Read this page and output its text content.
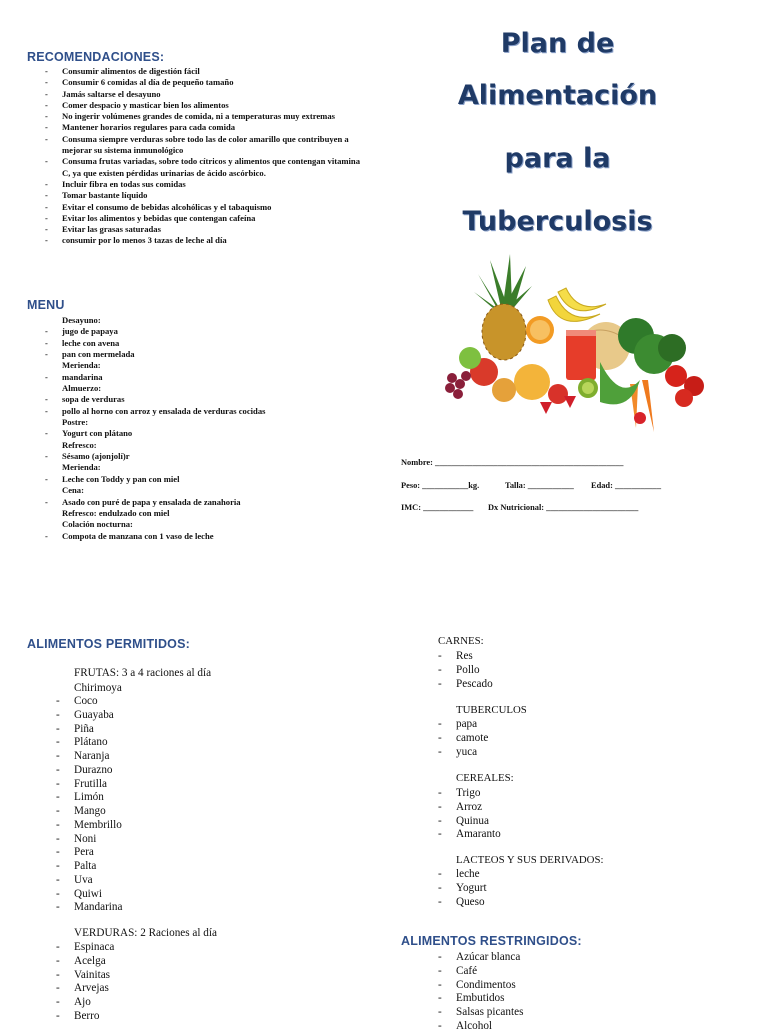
RECOMENDACIONES:
- Consumir alimentos de digestión fácil
- Consumir 6 comidas al día de pequeño tamaño
- Jamás saltarse el desayuno
- Comer despacio y masticar bien los alimentos
- No ingerir volúmenes grandes de comida, ni a temperaturas muy extremas
- Mantener horarios regulares para cada comida
- Consuma siempre verduras sobre todo las de color amarillo que contribuyen a mejorar su sistema inmunológico
- Consuma frutas variadas, sobre todo cítricos y alimentos que contengan vitamina C, ya que existen pérdidas urinarias de ácido ascórbico.
- Incluir fibra en todas sus comidas
- Tomar bastante líquido
- Evitar el consumo de bebidas alcohólicas y el tabaquismo
- Evitar los alimentos y bebidas que contengan cafeína
- Evitar las grasas saturadas
- consumir por lo menos 3 tazas de leche al día
MENU
Desayuno:
- jugo de papaya
- leche con avena
- pan con mermelada
Merienda:
- mandarina
Almuerzo:
- sopa de verduras
- pollo al horno con arroz y ensalada de verduras cocidas
Postre:
- Yogurt con plátano
Refresco:
- Sésamo (ajonjolí)r
Merienda:
- Leche con Toddy y pan con miel
Cena:
- Asado con puré de papa y ensalada de zanahoria
Refresco: endulzado con miel
Colación nocturna:
- Compota de manzana con 1 vaso de leche
Plan de
Alimentación
para la
Tuberculosis
Nombre: _____________________________________________
Peso: ___________kg.	Talla: ___________ Edad: ___________
IMC: ____________ Dx Nutricional: ______________________
ALIMENTOS PERMITIDOS:
FRUTAS: 3 a 4 raciones al día
Chirimoya
- Coco
- Guayaba
- Piña
- Plátano
- Naranja
- Durazno
- Frutilla
- Limón
- Mango
- Membrillo
- Noni
- Pera
- Palta
- Uva
- Quiwi
- Mandarina
VERDURAS: 2 Raciones al día
- Espinaca
- Acelga
- Vainitas
- Arvejas
- Ajo
- Berro
CARNES:
- Res
- Pollo
- Pescado
TUBERCULOS
- papa
- camote
- yuca
CEREALES:
- Trigo
- Arroz
- Quinua
- Amaranto
LACTEOS Y SUS DERIVADOS:
- leche
- Yogurt
- Queso
ALIMENTOS RESTRINGIDOS:
- Azúcar blanca
- Café
- Condimentos
- Embutidos
- Salsas picantes
- Alcohol
